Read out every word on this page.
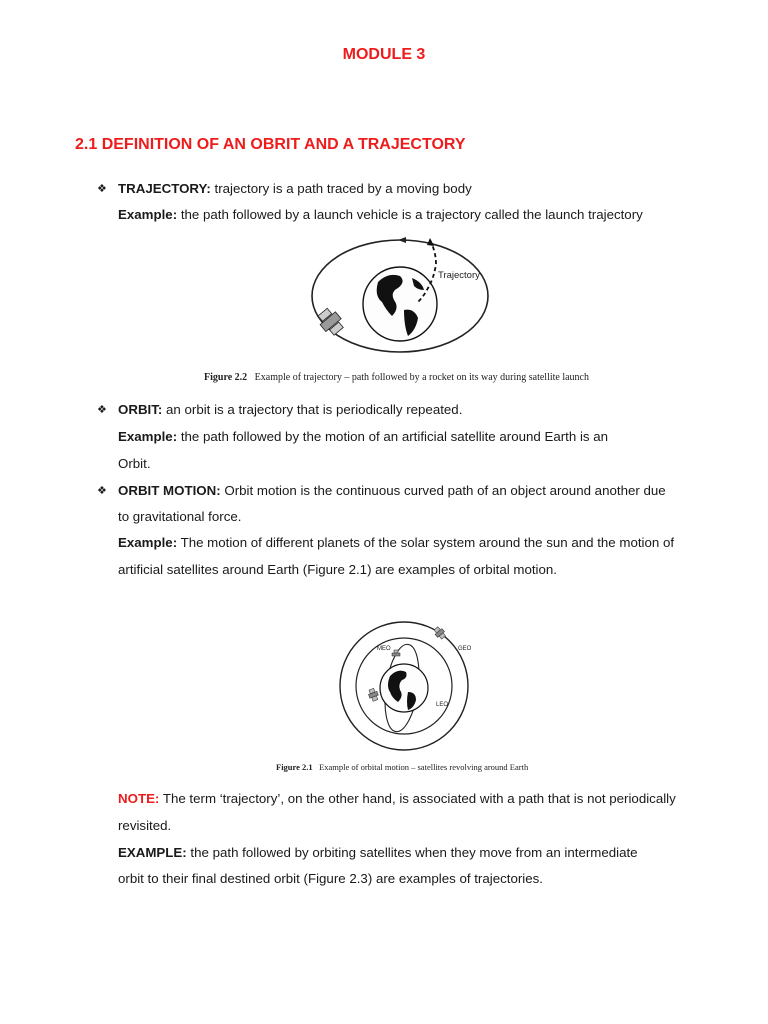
MODULE 3
2.1 DEFINITION OF AN OBRIT AND A TRAJECTORY
❖ TRAJECTORY: trajectory is a path traced by a moving body
Example: the path followed by a launch vehicle is a trajectory called the launch trajectory
Trajectory
Figure 2.2 Example of trajectory – path followed by a rocket on its way during satellite launch
❖ ORBIT: an orbit is a trajectory that is periodically repeated.
Example: the path followed by the motion of an artificial satellite around Earth is an
Orbit.
❖ ORBIT MOTION: Orbit motion is the continuous curved path of an object around another due
to gravitational force.
Example: The motion of different planets of the solar system around the sun and the motion of
artificial satellites around Earth (Figure 2.1) are examples of orbital motion.
MEO	GEO
LEO
Figure 2.1 Example of orbital motion – satellites revolving around Earth
NOTE: The term ‘trajectory’, on the other hand, is associated with a path that is not periodically
revisited.
EXAMPLE: the path followed by orbiting satellites when they move from an intermediate
orbit to their final destined orbit (Figure 2.3) are examples of trajectories.
